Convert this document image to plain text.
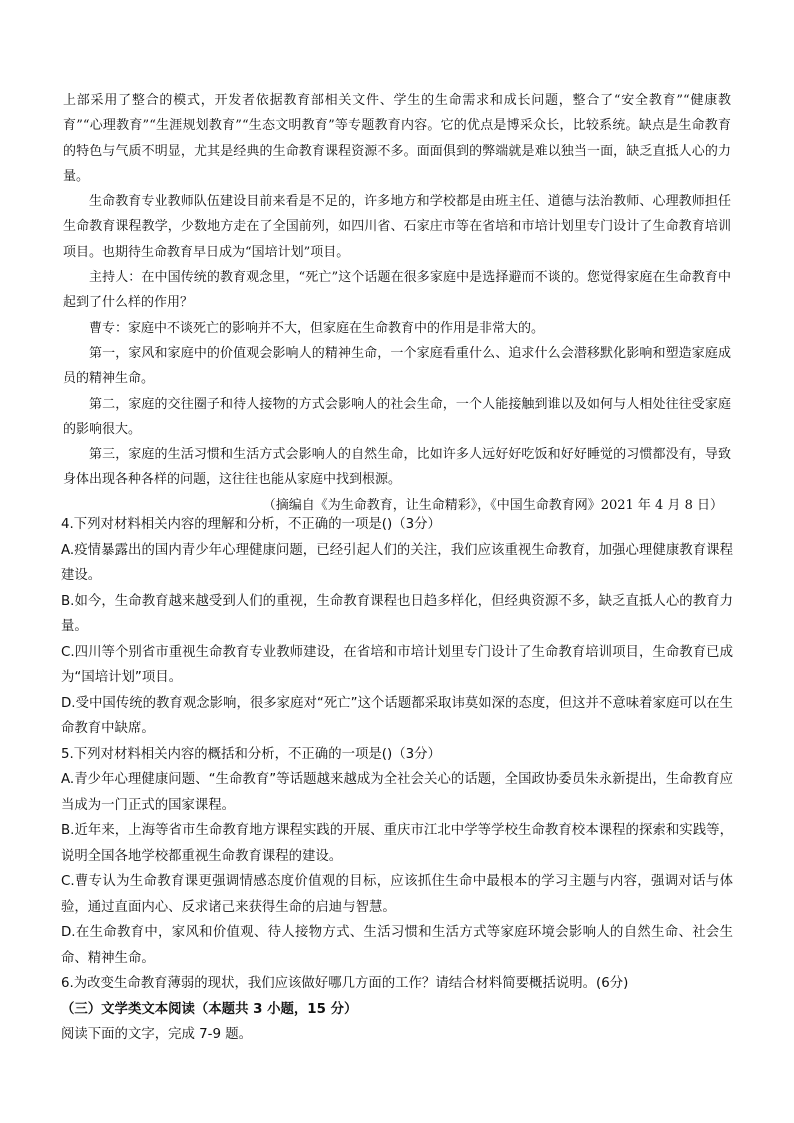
上部采用了整合的模式，开发者依据教育部相关文件、学生的生命需求和成长问题，整合了“安全教育”“健康教育”“心理教育”“生涯规划教育”“生态文明教育”等专题教育内容。它的优点是博采众长，比较系统。缺点是生命教育的特色与气质不明显，尤其是经典的生命教育课程资源不多。面面俱到的弊端就是难以独当一面，缺乏直抵人心的力量。

生命教育专业教师队伍建设目前来看是不足的，许多地方和学校都是由班主任、道德与法治教师、心理教师担任生命教育课程教学，少数地方走在了全国前列，如四川省、石家庄市等在省培和市培计划里专门设计了生命教育培训项目。也期待生命教育早日成为“国培计划”项目。

主持人：在中国传统的教育观念里，“死亡”这个话题在很多家庭中是选择避而不谈的。您觉得家庭在生命教育中起到了什么样的作用？

曹专：家庭中不谈死亡的影响并不大，但家庭在生命教育中的作用是非常大的。

第一，家风和家庭中的价值观会影响人的精神生命，一个家庭看重什么、追求什么会潜移默化影响和塑造家庭成员的精神生命。

第二，家庭的交往圈子和待人接物的方式会影响人的社会生命，一个人能接触到谁以及如何与人相处往往受家庭的影响很大。

第三，家庭的生活习惯和生活方式会影响人的自然生命，比如许多人远好好吃饭和好好睡觉的习惯都没有，导致身体出现各种各样的问题，这往往也能从家庭中找到根源。

（摘编自《为生命教育，让生命精彩》，《中国生命教育网》2021 年 4 月 8 日）

4.下列对材料相关内容的理解和分析，不正确的一项是()（3分）

A.疫情暴露出的国内青少年心理健康问题，已经引起人们的关注，我们应该重视生命教育，加强心理健康教育课程建设。

B.如今，生命教育越来越受到人们的重视，生命教育课程也日趋多样化，但经典资源不多，缺乏直抵人心的教育力量。

C.四川等个别省市重视生命教育专业教师建设，在省培和市培计划里专门设计了生命教育培训项目，生命教育已成为“国培计划”项目。

D.受中国传统的教育观念影响，很多家庭对“死亡”这个话题都采取讳莫如深的态度，但这并不意味着家庭可以在生命教育中缺席。

5.下列对材料相关内容的概括和分析，不正确的一项是()（3分）

A.青少年心理健康问题、“生命教育”等话题越来越成为全社会关心的话题，全国政协委员朱永新提出，生命教育应当成为一门正式的国家课程。

B.近年来，上海等省市生命教育地方课程实践的开展、重庆市江北中学等学校生命教育校本课程的探索和实践等，说明全国各地学校都重视生命教育课程的建设。

C.曹专认为生命教育课更强调情感态度价值观的目标，应该抓住生命中最根本的学习主题与内容，强调对话与体验，通过直面内心、反求诸己来获得生命的启迪与智慧。

D.在生命教育中，家风和价值观、待人接物方式、生活习惯和生活方式等家庭环境会影响人的自然生命、社会生命、精神生命。

6.为改变生命教育薄弱的现状，我们应该做好哪几方面的工作？请结合材料简要概括说明。(6分)

（三）文学类文本阅读（本题共 3 小题，15 分）

阅读下面的文字，完成 7-9 题。
